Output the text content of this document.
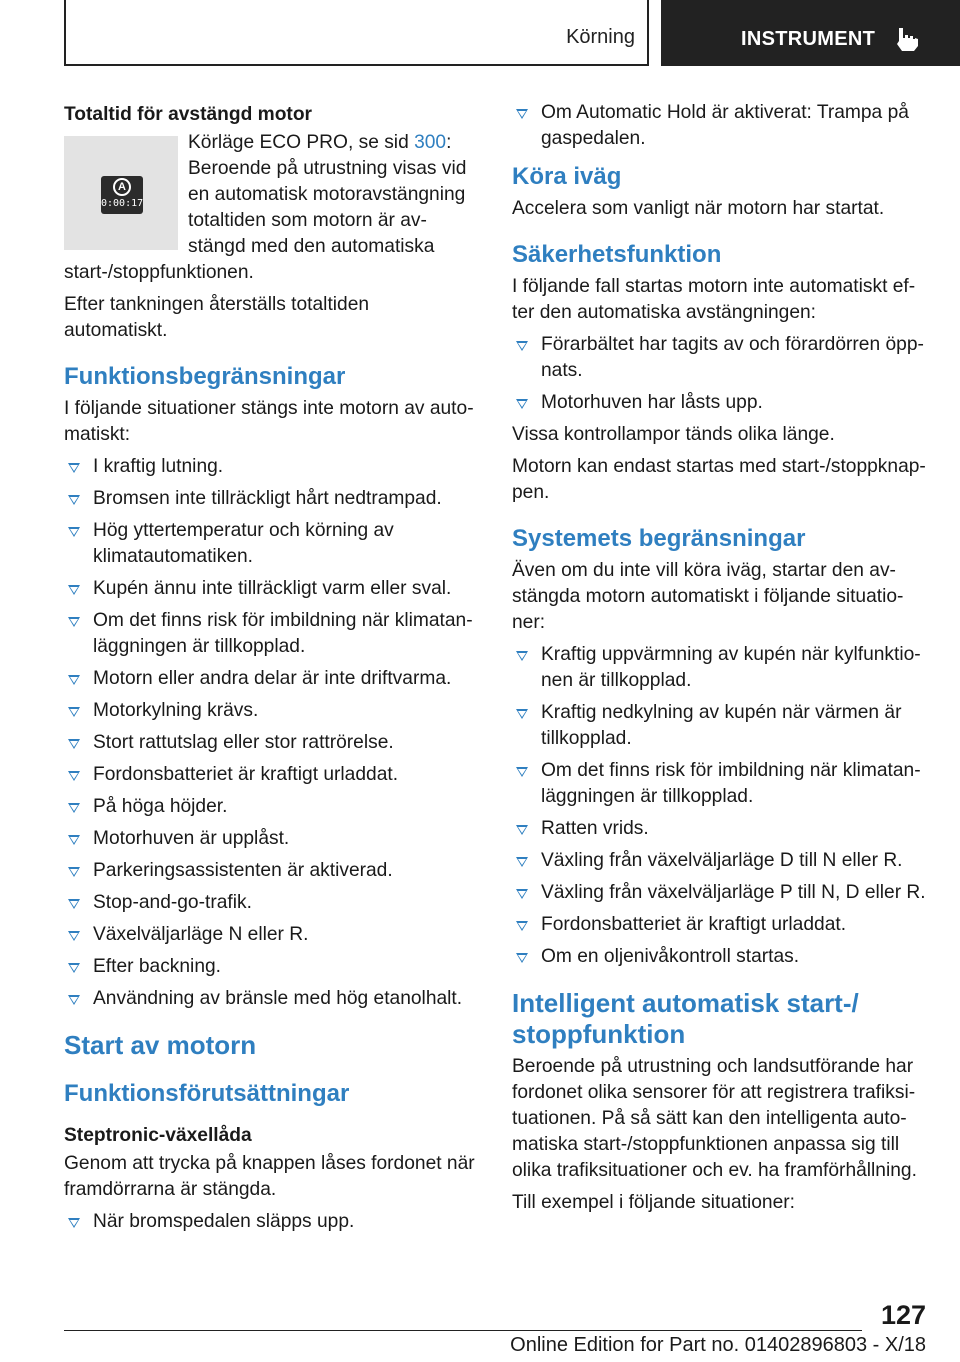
Körning	INSTRUMENT
Totaltid för avstängd motor
A
0:00:17

Körläge ECO PRO, se sid 300: Beroende på utrustning visas vid en automatisk motoravstängning totaltiden som motorn är avstängd med den automatiska start-/stoppfunktionen.

Efter tankningen återställs totaltiden automatiskt.

Funktionsbegränsningar

I följande situationer stängs inte motorn av automatiskt:

I kraftig lutning.
Bromsen inte tillräckligt hårt nedtrampad.
Hög yttertemperatur och körning av klimatautomatiken.
Kupén ännu inte tillräckligt varm eller sval.
Om det finns risk för imbildning när klimatanläggningen är tillkopplad.
Motorn eller andra delar är inte driftvarma.
Motorkylning krävs.
Stort rattutslag eller stor rattrörelse.
Fordonsbatteriet är kraftigt urladdat.
På höga höjder.
Motorhuven är upplåst.
Parkeringsassistenten är aktiverad.
Stop-and-go-trafik.
Växelväljarläge N eller R.
Efter backning.
Användning av bränsle med hög etanolhalt.
Start av motorn
Funktionsförutsättningar
Steptronic-växellåda

Genom att trycka på knappen låses fordonet när framdörrarna är stängda.

När bromspedalen släpps upp.
Om Automatic Hold är aktiverat: Trampa på gaspedalen.
Köra iväg

Accelera som vanligt när motorn har startat.

Säkerhetsfunktion

I följande fall startas motorn inte automatiskt efter den automatiska avstängningen:

Förarbältet har tagits av och förardörren öppnats.
Motorhuven har låsts upp.

Vissa kontrollampor tänds olika länge.

Motorn kan endast startas med start-/stoppknappen.

Systemets begränsningar

Även om du inte vill köra iväg, startar den avstängda motorn automatiskt i följande situationer:

Kraftig uppvärmning av kupén när kylfunktionen är tillkopplad.
Kraftig nedkylning av kupén när värmen är tillkopplad.
Om det finns risk för imbildning när klimatanläggningen är tillkopplad.
Ratten vrids.
Växling från växelväljarläge D till N eller R.
Växling från växelväljarläge P till N, D eller R.
Fordonsbatteriet är kraftigt urladdat.
Om en oljenivåkontroll startas.
Intelligent automatisk start-/ stoppfunktion

Beroende på utrustning och landsutförande har fordonet olika sensorer för att registrera trafiksituationen. På så sätt kan den intelligenta automatiska start-/stoppfunktionen anpassa sig till olika trafiksituationer och ev. ha framförhållning.

Till exempel i följande situationer:

127
Online Edition for Part no. 01402896803 - X/18
